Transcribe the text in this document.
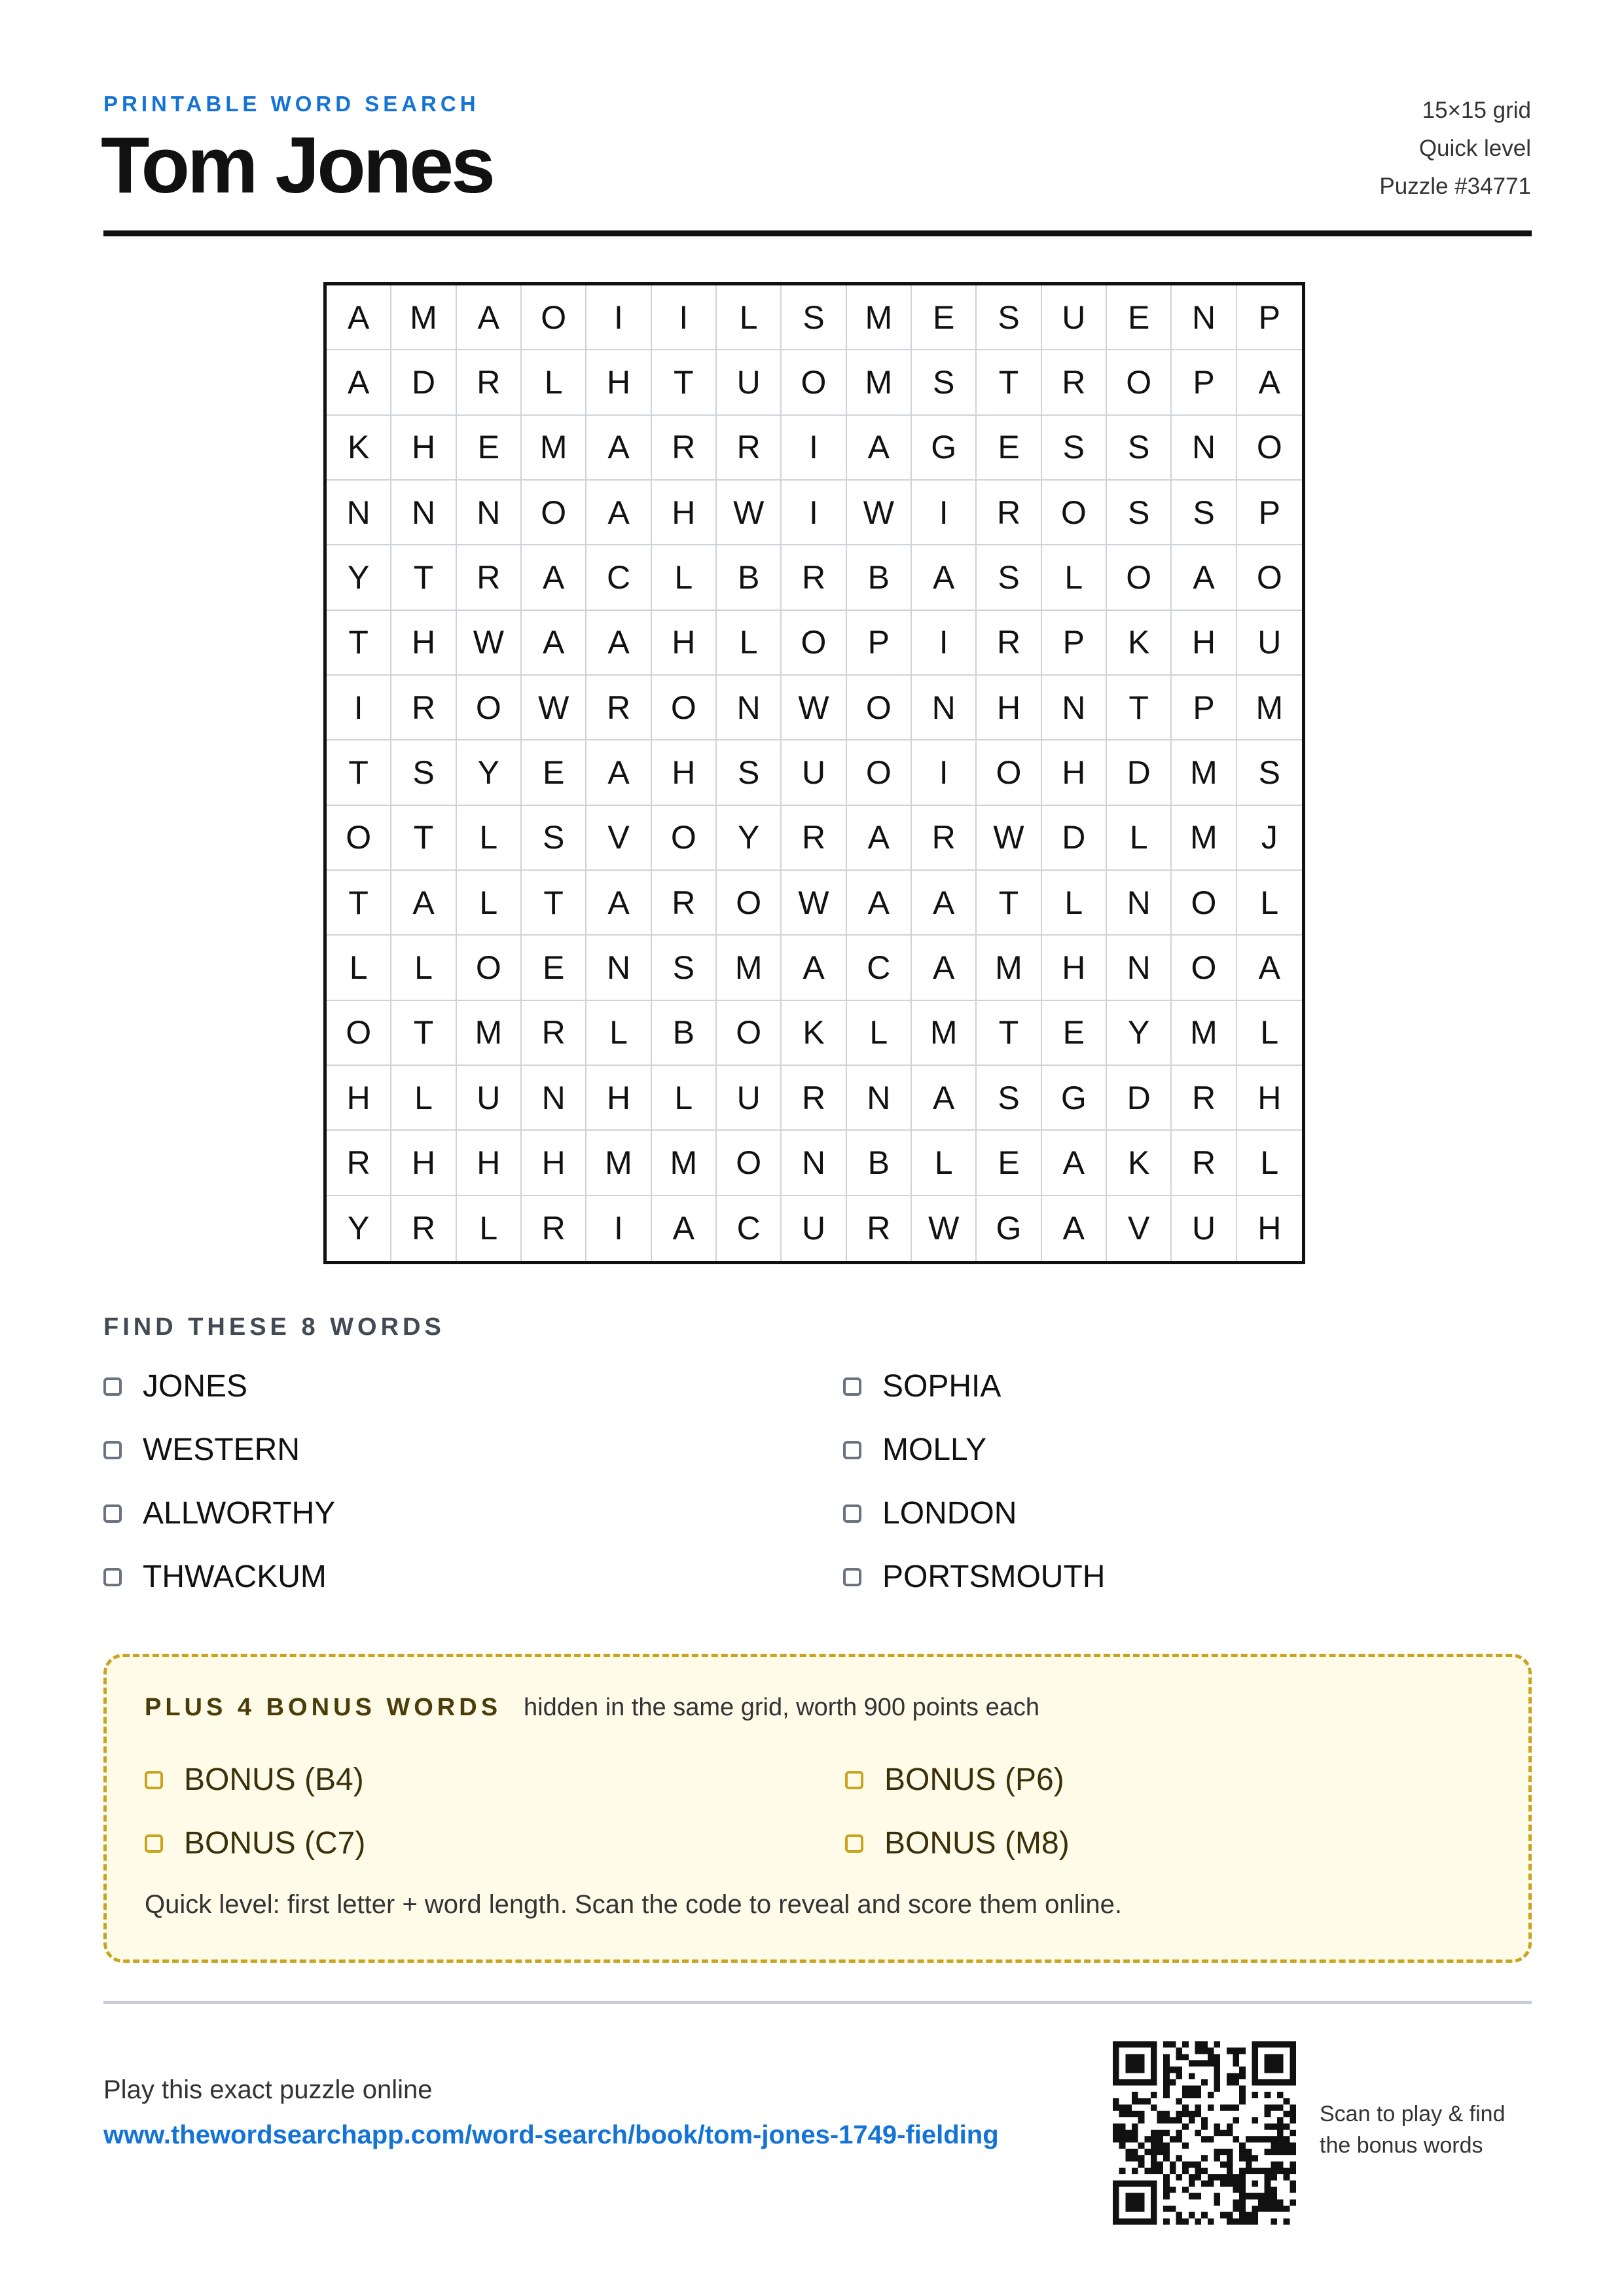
PRINTABLE WORD SEARCH
Tom Jones
15×15 grid
Quick level
Puzzle #34771
A	M	A	O	I	I	L	S	M	E	S	U	E	N	P
A	D	R	L	H	T	U	O	M	S	T	R	O	P	A
K	H	E	M	A	R	R	I	A	G	E	S	S	N	O
N	N	N	O	A	H	W	I	W	I	R	O	S	S	P
Y	T	R	A	C	L	B	R	B	A	S	L	O	A	O
T	H	W	A	A	H	L	O	P	I	R	P	K	H	U
I	R	O	W	R	O	N	W	O	N	H	N	T	P	M
T	S	Y	E	A	H	S	U	O	I	O	H	D	M	S
O	T	L	S	V	O	Y	R	A	R	W	D	L	M	J
T	A	L	T	A	R	O	W	A	A	T	L	N	O	L
L	L	O	E	N	S	M	A	C	A	M	H	N	O	A
O	T	M	R	L	B	O	K	L	M	T	E	Y	M	L
H	L	U	N	H	L	U	R	N	A	S	G	D	R	H
R	H	H	H	M	M	O	N	B	L	E	A	K	R	L
Y	R	L	R	I	A	C	U	R	W	G	A	V	U	H
FIND THESE 8 WORDS
JONES	SOPHIA
WESTERN	MOLLY
ALLWORTHY	LONDON
THWACKUM	PORTSMOUTH
PLUS 4 BONUS WORDS hidden in the same grid, worth 900 points each
BONUS (B4)	BONUS (P6)
BONUS (C7)	BONUS (M8)
Quick level: first letter + word length. Scan the code to reveal and score them online.
Play this exact puzzle online
www.thewordsearchapp.com/word-search/book/tom-jones-1749-fielding
Scan to play & find
the bonus words
